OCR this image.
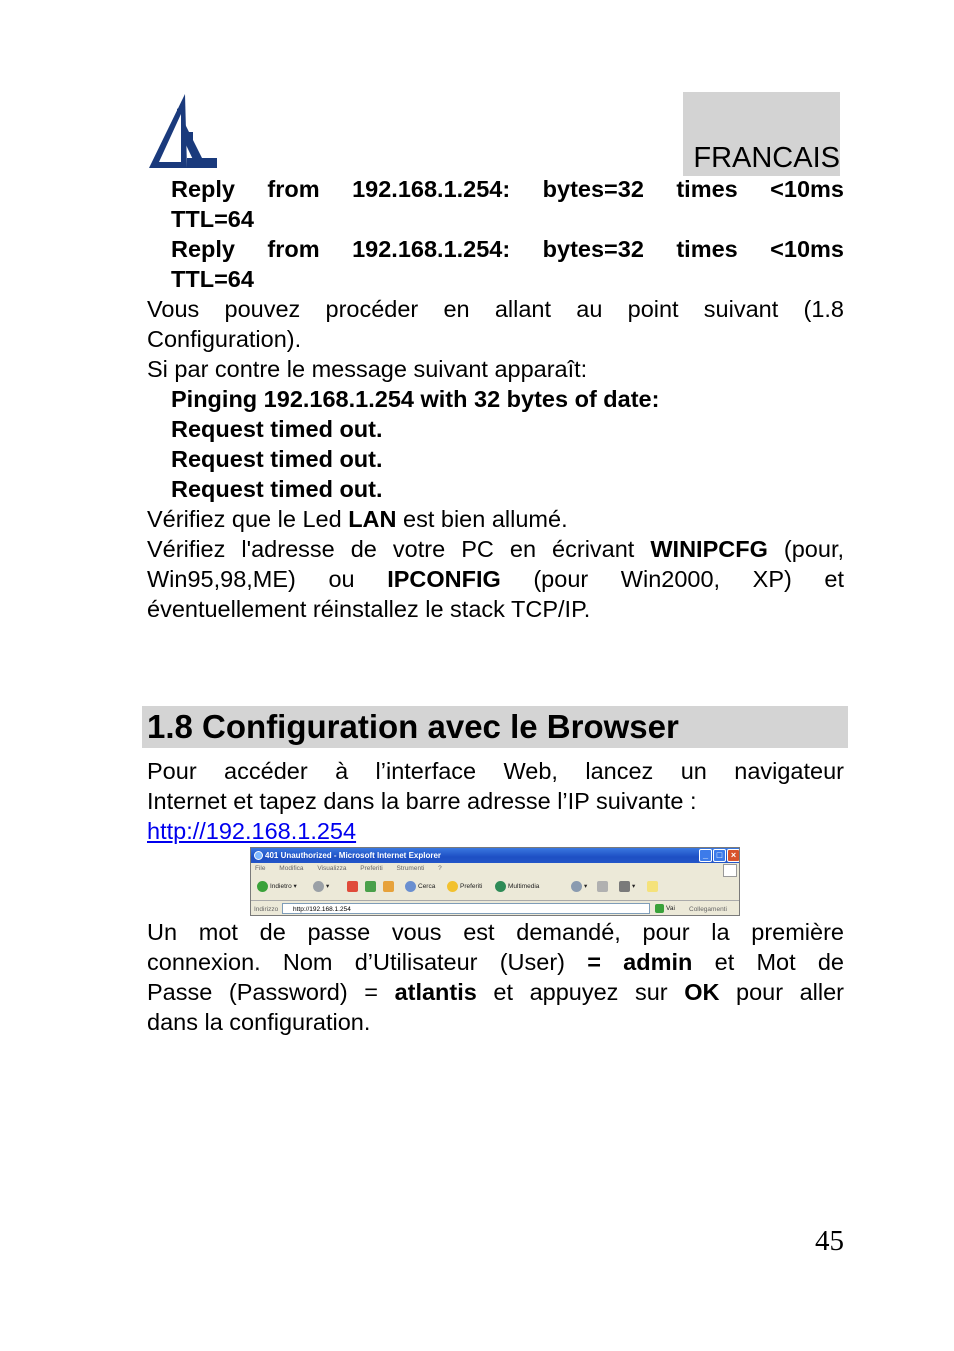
FRANCAIS

Reply from 192.168.1.254: bytes=32 times <10ms

TTL=64

Reply from 192.168.1.254: bytes=32 times <10ms

TTL=64

Vous pouvez procéder en allant au point suivant (1.8

Configuration).

Si par contre le message suivant apparaît:

Pinging 192.168.1.254 with 32 bytes of date:

Request timed out.

Request timed out.

Request timed out.

Vérifiez que le Led LAN est bien allumé.

Vérifiez l'adresse de votre PC en écrivant WINIPCFG (pour,

Win95,98,ME) ou IPCONFIG (pour Win2000, XP) et

éventuellement réinstallez le stack TCP/IP.

1.8 Configuration avec le Browser

Pour accéder à l’interface Web, lancez un navigateur

Internet et tapez dans la barre adresse l’IP suivante :

http://192.168.1.254

401 Unauthorized - Microsoft Internet Explorer	_ □ ×
File Modifica Visualizza Preferiti Strumenti ?
Indietro ▾	▾	Cerca	Preferiti	Multimedia	▾	▾
Indirizzo	http://192.168.1.254	Vai Collegamenti

Un mot de passe vous est demandé, pour la première

connexion. Nom d’Utilisateur (User) = admin et Mot de

Passe (Password) = atlantis et appuyez sur OK pour aller

dans la configuration.

45
